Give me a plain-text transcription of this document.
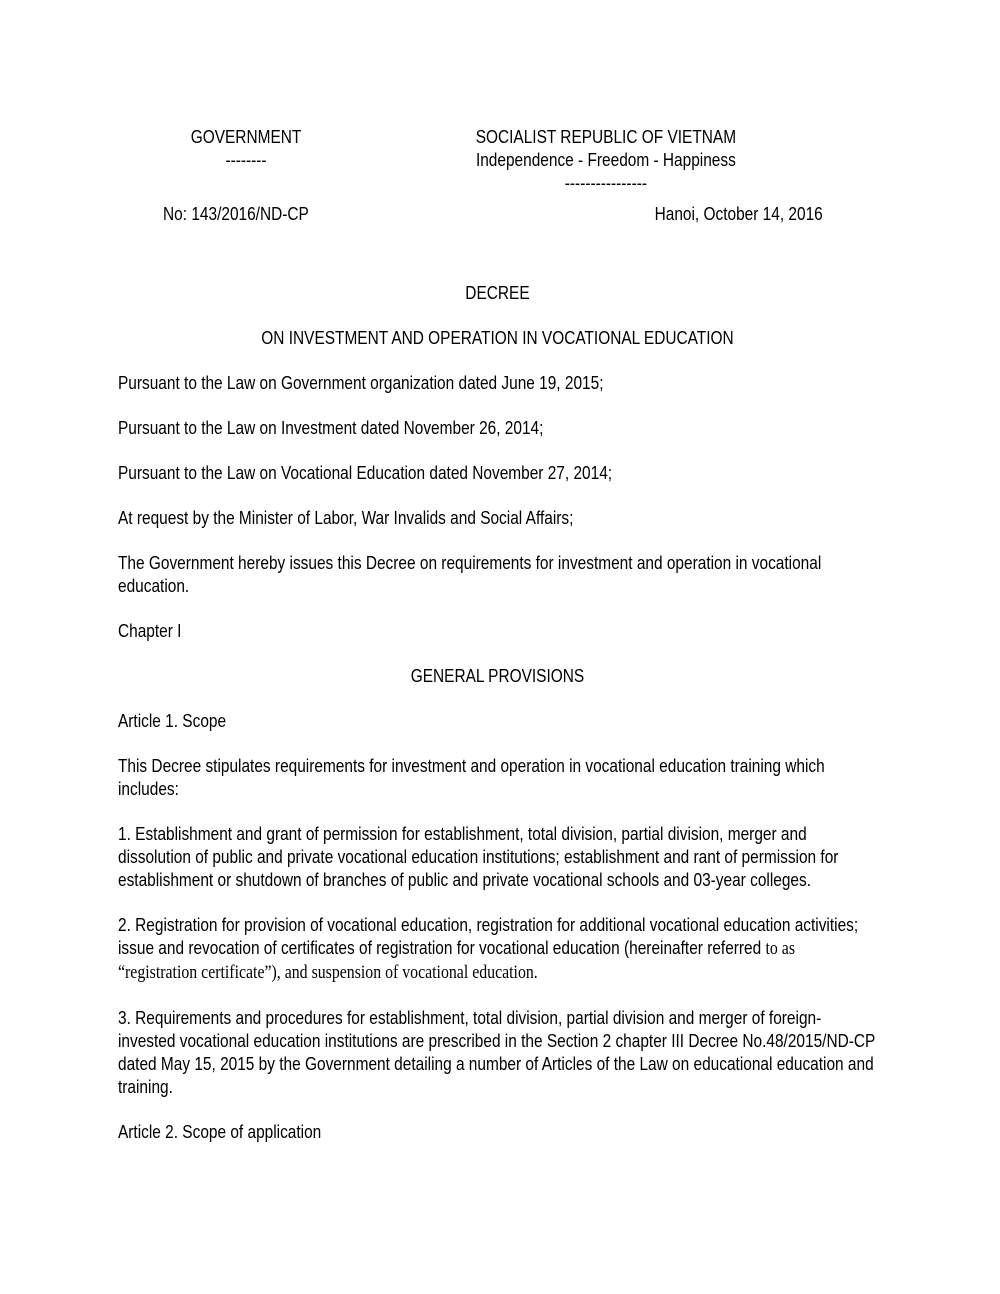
GOVERNMENT
--------
SOCIALIST REPUBLIC OF VIETNAM
Independence - Freedom - Happiness
----------------
No: 143/2016/ND-CP	Hanoi, October 14, 2016
DECREE
ON INVESTMENT AND OPERATION IN VOCATIONAL EDUCATION

Pursuant to the Law on Government organization dated June 19, 2015;

Pursuant to the Law on Investment dated November 26, 2014;

Pursuant to the Law on Vocational Education dated November 27, 2014;

At request by the Minister of Labor, War Invalids and Social Affairs;

The Government hereby issues this Decree on requirements for investment and operation in vocational education.

Chapter I

GENERAL PROVISIONS

Article 1. Scope

This Decree stipulates requirements for investment and operation in vocational education training which includes:

1. Establishment and grant of permission for establishment, total division, partial division, merger and dissolution of public and private vocational education institutions; establishment and rant of permission for establishment or shutdown of branches of public and private vocational schools and 03-year colleges.

2. Registration for provision of vocational education, registration for additional vocational education activities; issue and revocation of certificates of registration for vocational education (hereinafter referred to as “registration certificate”), and suspension of vocational education.

3. Requirements and procedures for establishment, total division, partial division and merger of foreign-invested vocational education institutions are prescribed in the Section 2 chapter III Decree No.48/2015/ND-CP dated May 15, 2015 by the Government detailing a number of Articles of the Law on educational education and training.

Article 2. Scope of application
